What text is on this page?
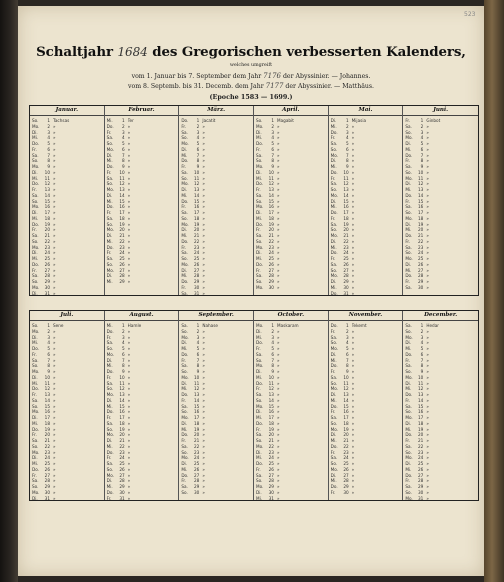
523
Schaltjahr 1684 des Gregorischen verbesserten Kalenders,
welches umgreift
vom 1. Januar bis 7. September dem Jahr 7176 der Abyssinier. — Johannes.
vom 8. Septemb. bis 31. Decemb. dem Jahr 7177 der Abyssinier. — Matthäus.
(Epoche 1583 — 1699.)
Januar.
So.	1 Tachsas
Mo.	2 »
Di.	3 »
Mi.	4 »
Do.	5 »
Fr.	6 »
Sa.	7 »
So.	8 »
Mo.	9 »
Di.	10 »
Mi.	11 »
Do.	12 »
Fr.	13 »
Sa.	14 »
So.	15 »
Mo.	16 »
Di.	17 »
Mi.	18 »
Do.	19 »
Fr.	20 »
Sa.	21 »
So.	22 »
Mo.	23 »
Di.	24 »
Mi.	25 »
Do.	26 »
Fr.	27 »
Sa.	28 »
So.	29 »
Mo.	30 »
Di.	31 »
Februar.
Mi.	1 Ter
Do.	2 »
Fr.	3 »
Sa.	4 »
So.	5 »
Mo.	6 »
Di.	7 »
Mi.	8 »
Do.	9 »
Fr.	10 »
Sa.	11 »
So.	12 »
Mo.	13 »
Di.	14 »
Mi.	15 »
Do.	16 »
Fr.	17 »
Sa.	18 »
So.	19 »
Mo.	20 »
Di.	21 »
Mi.	22 »
Do.	23 »
Fr.	24 »
Sa.	25 »
So.	26 »
Mo.	27 »
Di.	28 »
Mi.	29 »
März.
Do.	1 Jacatit
Fr.	2 »
Sa.	3 »
So.	4 »
Mo.	5 »
Di.	6 »
Mi.	7 »
Do.	8 »
Fr.	9 »
Sa.	10 »
So.	11 »
Mo.	12 »
Di.	13 »
Mi.	14 »
Do.	15 »
Fr.	16 »
Sa.	17 »
So.	18 »
Mo.	19 »
Di.	20 »
Mi.	21 »
Do.	22 »
Fr.	23 »
Sa.	24 »
So.	25 »
Mo.	26 »
Di.	27 »
Mi.	28 »
Do.	29 »
Fr.	30 »
Sa.	31 »
April.
So.	1 Magabit
Mo.	2 »
Di.	3 »
Mi.	4 »
Do.	5 »
Fr.	6 »
Sa.	7 »
So.	8 »
Mo.	9 »
Di.	10 »
Mi.	11 »
Do.	12 »
Fr.	13 »
Sa.	14 »
So.	15 »
Mo.	16 »
Di.	17 »
Mi.	18 »
Do.	19 »
Fr.	20 »
Sa.	21 »
So.	22 »
Mo.	23 »
Di.	24 »
Mi.	25 »
Do.	26 »
Fr.	27 »
Sa.	28 »
So.	29 »
Mo.	30 »
Mai.
Di.	1 Mijasia
Mi.	2 »
Do.	3 »
Fr.	4 »
Sa.	5 »
So.	6 »
Mo.	7 »
Di.	8 »
Mi.	9 »
Do.	10 »
Fr.	11 »
Sa.	12 »
So.	13 »
Mo.	14 »
Di.	15 »
Mi.	16 »
Do.	17 »
Fr.	18 »
Sa.	19 »
So.	20 »
Mo.	21 »
Di.	22 »
Mi.	23 »
Do.	24 »
Fr.	25 »
Sa.	26 »
So.	27 »
Mo.	28 »
Di.	29 »
Mi.	30 »
Do.	31 »
Juni.
Fr.	1 Ginbot
Sa.	2 »
So.	3 »
Mo.	4 »
Di.	5 »
Mi.	6 »
Do.	7 »
Fr.	8 »
Sa.	9 »
So.	10 »
Mo.	11 »
Di.	12 »
Mi.	13 »
Do.	14 »
Fr.	15 »
Sa.	16 »
So.	17 »
Mo.	18 »
Di.	19 »
Mi.	20 »
Do.	21 »
Fr.	22 »
Sa.	23 »
So.	24 »
Mo.	25 »
Di.	26 »
Mi.	27 »
Do.	28 »
Fr.	29 »
Sa.	30 »
Juli.
So.	1 Sene
Mo.	2 »
Di.	3 »
Mi.	4 »
Do.	5 »
Fr.	6 »
Sa.	7 »
So.	8 »
Mo.	9 »
Di.	10 »
Mi.	11 »
Do.	12 »
Fr.	13 »
Sa.	14 »
So.	15 »
Mo.	16 »
Di.	17 »
Mi.	18 »
Do.	19 »
Fr.	20 »
Sa.	21 »
So.	22 »
Mo.	23 »
Di.	24 »
Mi.	25 »
Do.	26 »
Fr.	27 »
Sa.	28 »
So.	29 »
Mo.	30 »
Di.	31 »
August.
Mi.	1 Hamle
Do.	2 »
Fr.	3 »
Sa.	4 »
So.	5 »
Mo.	6 »
Di.	7 »
Mi.	8 »
Do.	9 »
Fr.	10 »
Sa.	11 »
So.	12 »
Mo.	13 »
Di.	14 »
Mi.	15 »
Do.	16 »
Fr.	17 »
Sa.	18 »
So.	19 »
Mo.	20 »
Di.	21 »
Mi.	22 »
Do.	23 »
Fr.	24 »
Sa.	25 »
So.	26 »
Mo.	27 »
Di.	28 »
Mi.	29 »
Do.	30 »
Fr.	31 »
September.
Sa.	1 Nahase
So.	2 »
Mo.	3 »
Di.	4 »
Mi.	5 »
Do.	6 »
Fr.	7 »
Sa.	8 »
So.	9 »
Mo.	10 »
Di.	11 »
Mi.	12 »
Do.	13 »
Fr.	14 »
Sa.	15 »
So.	16 »
Mo.	17 »
Di.	18 »
Mi.	19 »
Do.	20 »
Fr.	21 »
Sa.	22 »
So.	23 »
Mo.	24 »
Di.	25 »
Mi.	26 »
Do.	27 »
Fr.	28 »
Sa.	29 »
So.	30 »
October.
Mo.	1 Maskaram
Di.	2 »
Mi.	3 »
Do.	4 »
Fr.	5 »
Sa.	6 »
So.	7 »
Mo.	8 »
Di.	9 »
Mi.	10 »
Do.	11 »
Fr.	12 »
Sa.	13 »
So.	14 »
Mo.	15 »
Di.	16 »
Mi.	17 »
Do.	18 »
Fr.	19 »
Sa.	20 »
So.	21 »
Mo.	22 »
Di.	23 »
Mi.	24 »
Do.	25 »
Fr.	26 »
Sa.	27 »
So.	28 »
Mo.	29 »
Di.	30 »
Mi.	31 »
November.
Do.	1 Tekemt
Fr.	2 »
Sa.	3 »
So.	4 »
Mo.	5 »
Di.	6 »
Mi.	7 »
Do.	8 »
Fr.	9 »
Sa.	10 »
So.	11 »
Mo.	12 »
Di.	13 »
Mi.	14 »
Do.	15 »
Fr.	16 »
Sa.	17 »
So.	18 »
Mo.	19 »
Di.	20 »
Mi.	21 »
Do.	22 »
Fr.	23 »
Sa.	24 »
So.	25 »
Mo.	26 »
Di.	27 »
Mi.	28 »
Do.	29 »
Fr.	30 »
December.
Sa.	1 Hedar
So.	2 »
Mo.	3 »
Di.	4 »
Mi.	5 »
Do.	6 »
Fr.	7 »
Sa.	8 »
So.	9 »
Mo.	10 »
Di.	11 »
Mi.	12 »
Do.	13 »
Fr.	14 »
Sa.	15 »
So.	16 »
Mo.	17 »
Di.	18 »
Mi.	19 »
Do.	20 »
Fr.	21 »
Sa.	22 »
So.	23 »
Mo.	24 »
Di.	25 »
Mi.	26 »
Do.	27 »
Fr.	28 »
Sa.	29 »
So.	30 »
Mo.	31 »
